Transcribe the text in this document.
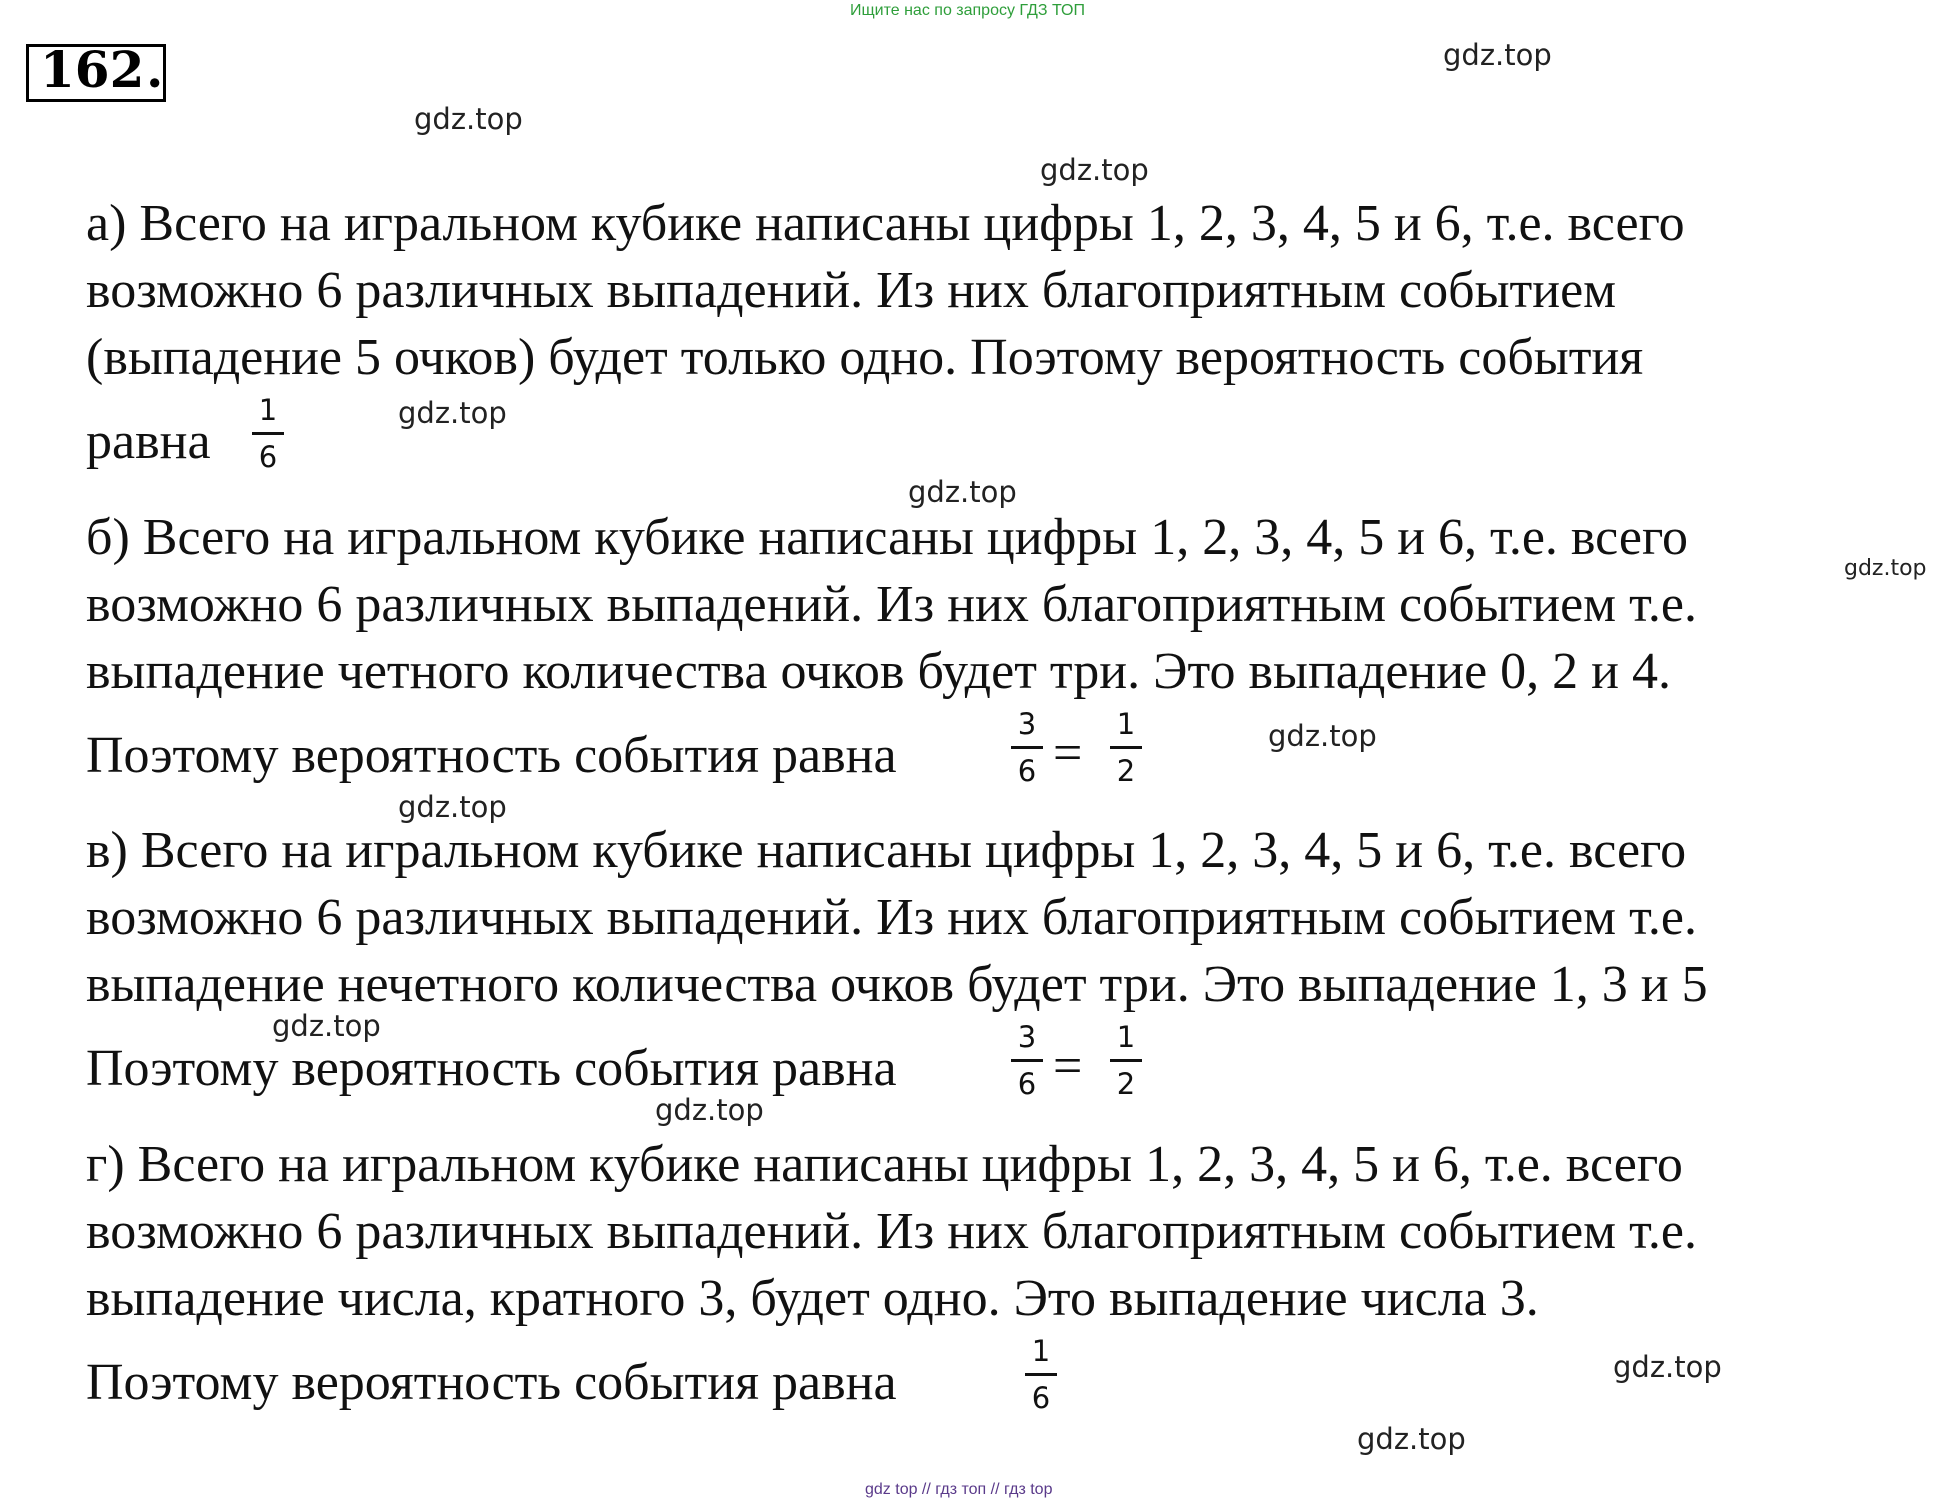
Ищите нас по запросу ГДЗ ТОП
162 .	gdz.top
gdz.top
gdz.top
gdz.top
gdz.top
gdz.top
gdz.top
gdz.top
gdz.top
gdz.top
gdz.top
gdz.top
а) Всего на игральном кубике написаны цифры 1, 2, 3, 4, 5 и 6, т.е. всего
возможно 6 различных выпадений. Из них благоприятным событием
(выпадение 5 очков) будет только одно. Поэтому вероятность события
равна
1
6
б) Всего на игральном кубике написаны цифры 1, 2, 3, 4, 5 и 6, т.е. всего
возможно 6 различных выпадений. Из них благоприятным событием т.е.
выпадение четного количества очков будет три. Это выпадение 0, 2 и 4.
Поэтому вероятность события равна
3
6 =
1
2
в) Всего на игральном кубике написаны цифры 1, 2, 3, 4, 5 и 6, т.е. всего
возможно 6 различных выпадений. Из них благоприятным событием т.е.
выпадение нечетного количества очков будет три. Это выпадение 1, 3 и 5
Поэтому вероятность события равна
3
6 =
1
2
г) Всего на игральном кубике написаны цифры 1, 2, 3, 4, 5 и 6, т.е. всего
возможно 6 различных выпадений. Из них благоприятным событием т.е.
выпадение числа, кратного 3, будет одно. Это выпадение числа 3.
Поэтому вероятность события равна
1
6
gdz top // гдз топ // гдз top
